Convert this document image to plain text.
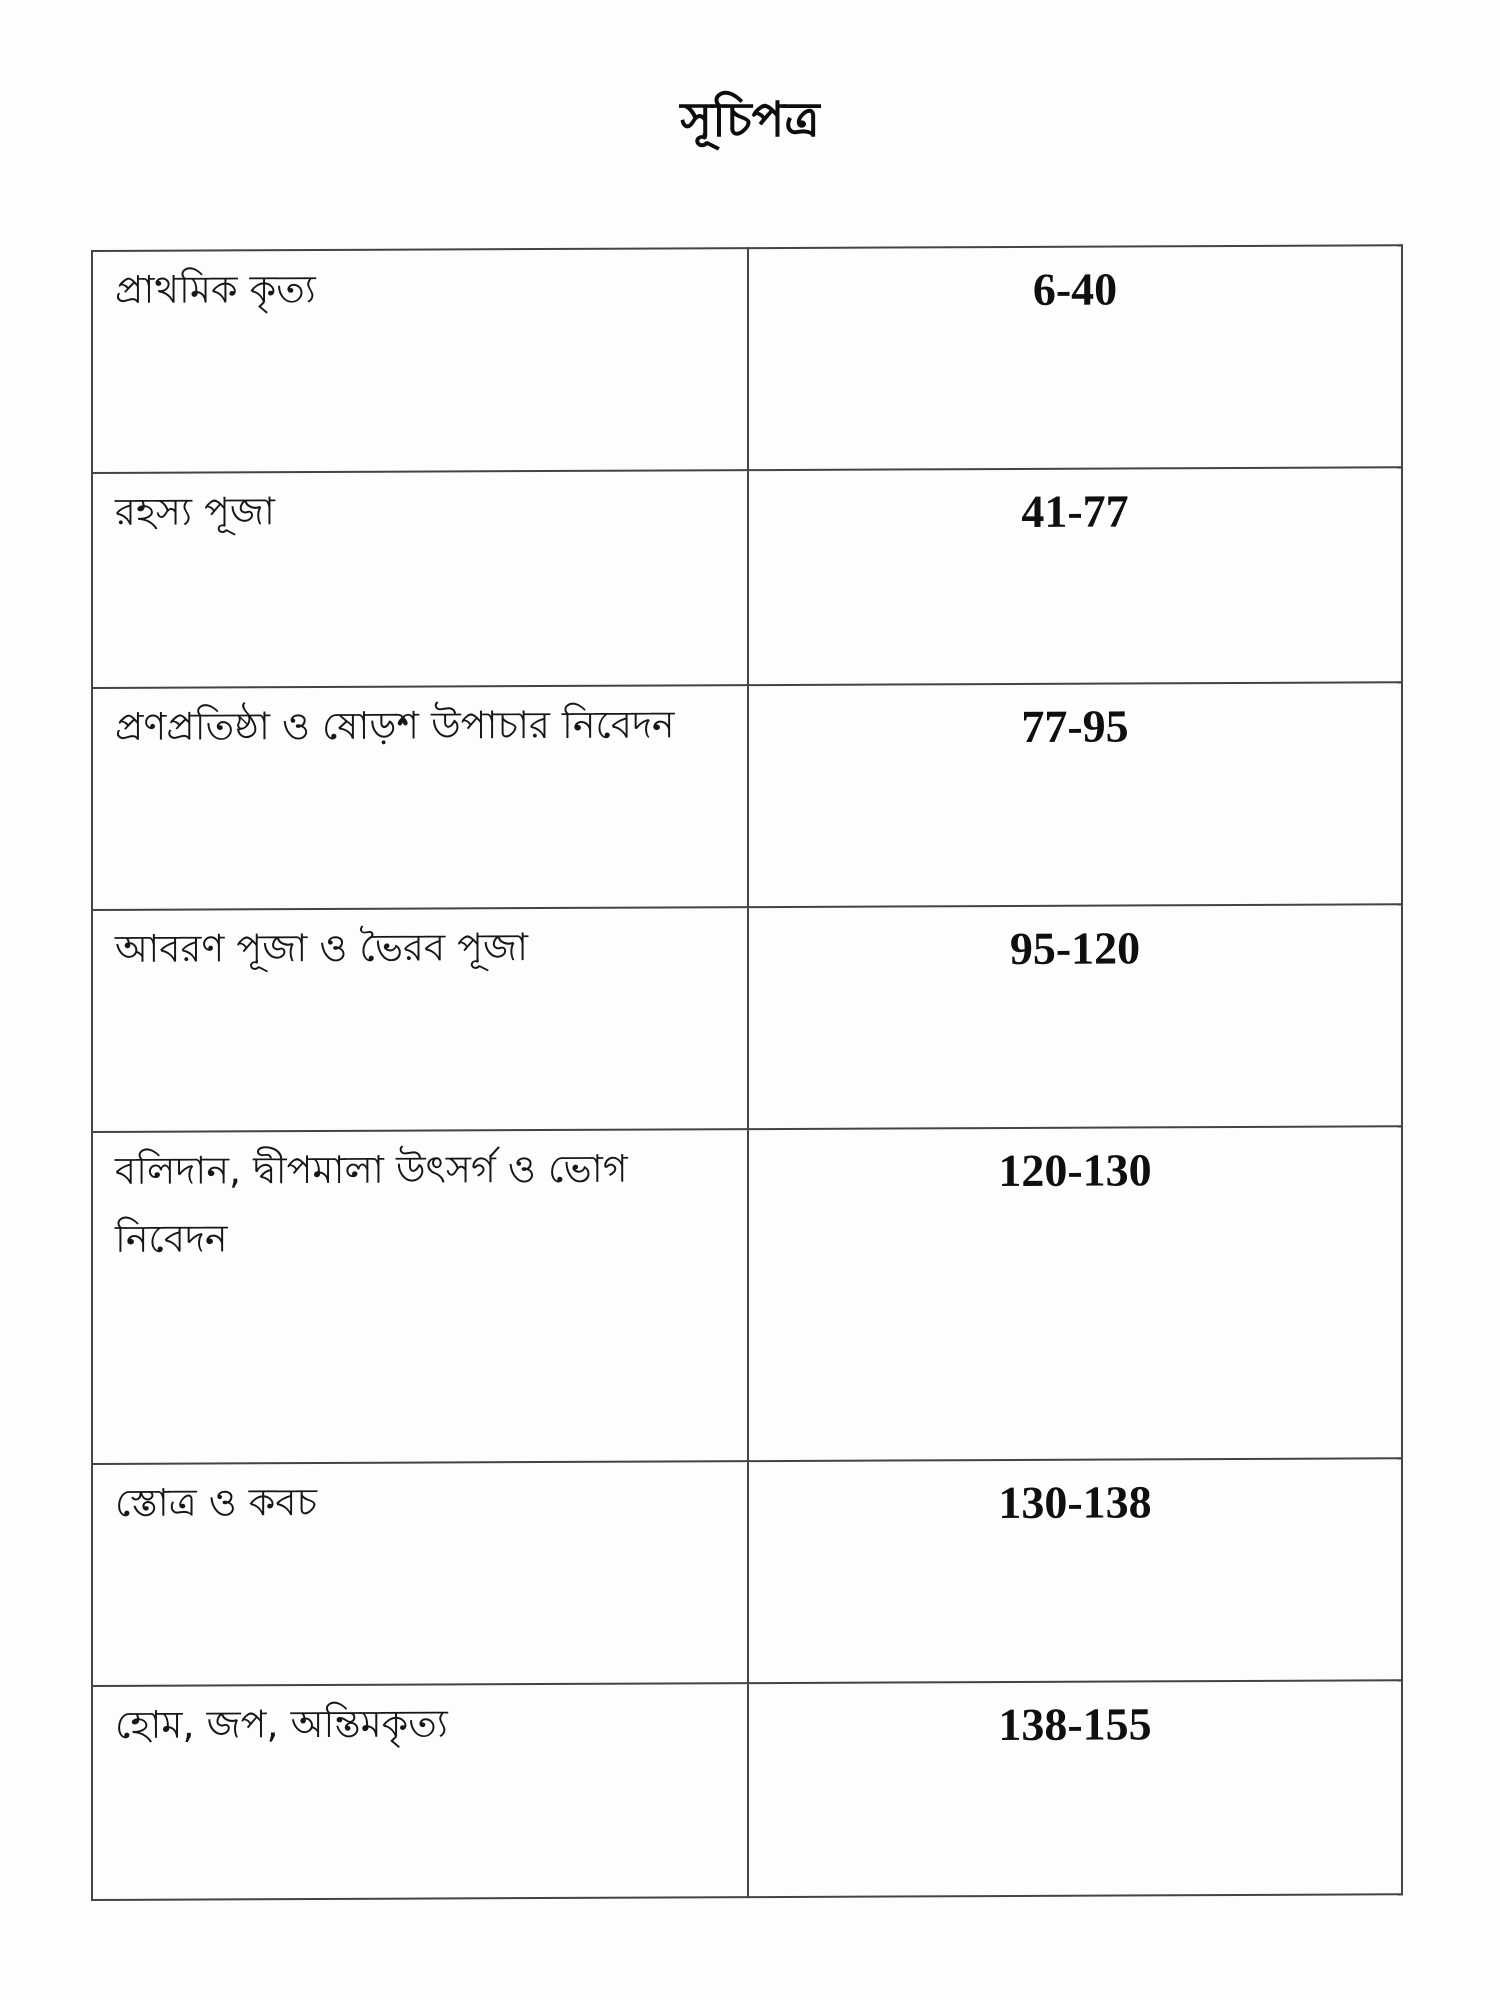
সূচিপত্র
প্রাথমিক কৃত্য	6-40
রহস্য পূজা	41-77
প্রণপ্রতিষ্ঠা ও ষোড়শ উপাচার নিবেদন	77-95
আবরণ পূজা ও ভৈরব পূজা	95-120
বলিদান, দ্বীপমালা উৎসর্গ ও ভোগ নিবেদন	120-130
স্তোত্র ও কবচ	130-138
হোম, জপ, অন্তিমকৃত্য	138-155
